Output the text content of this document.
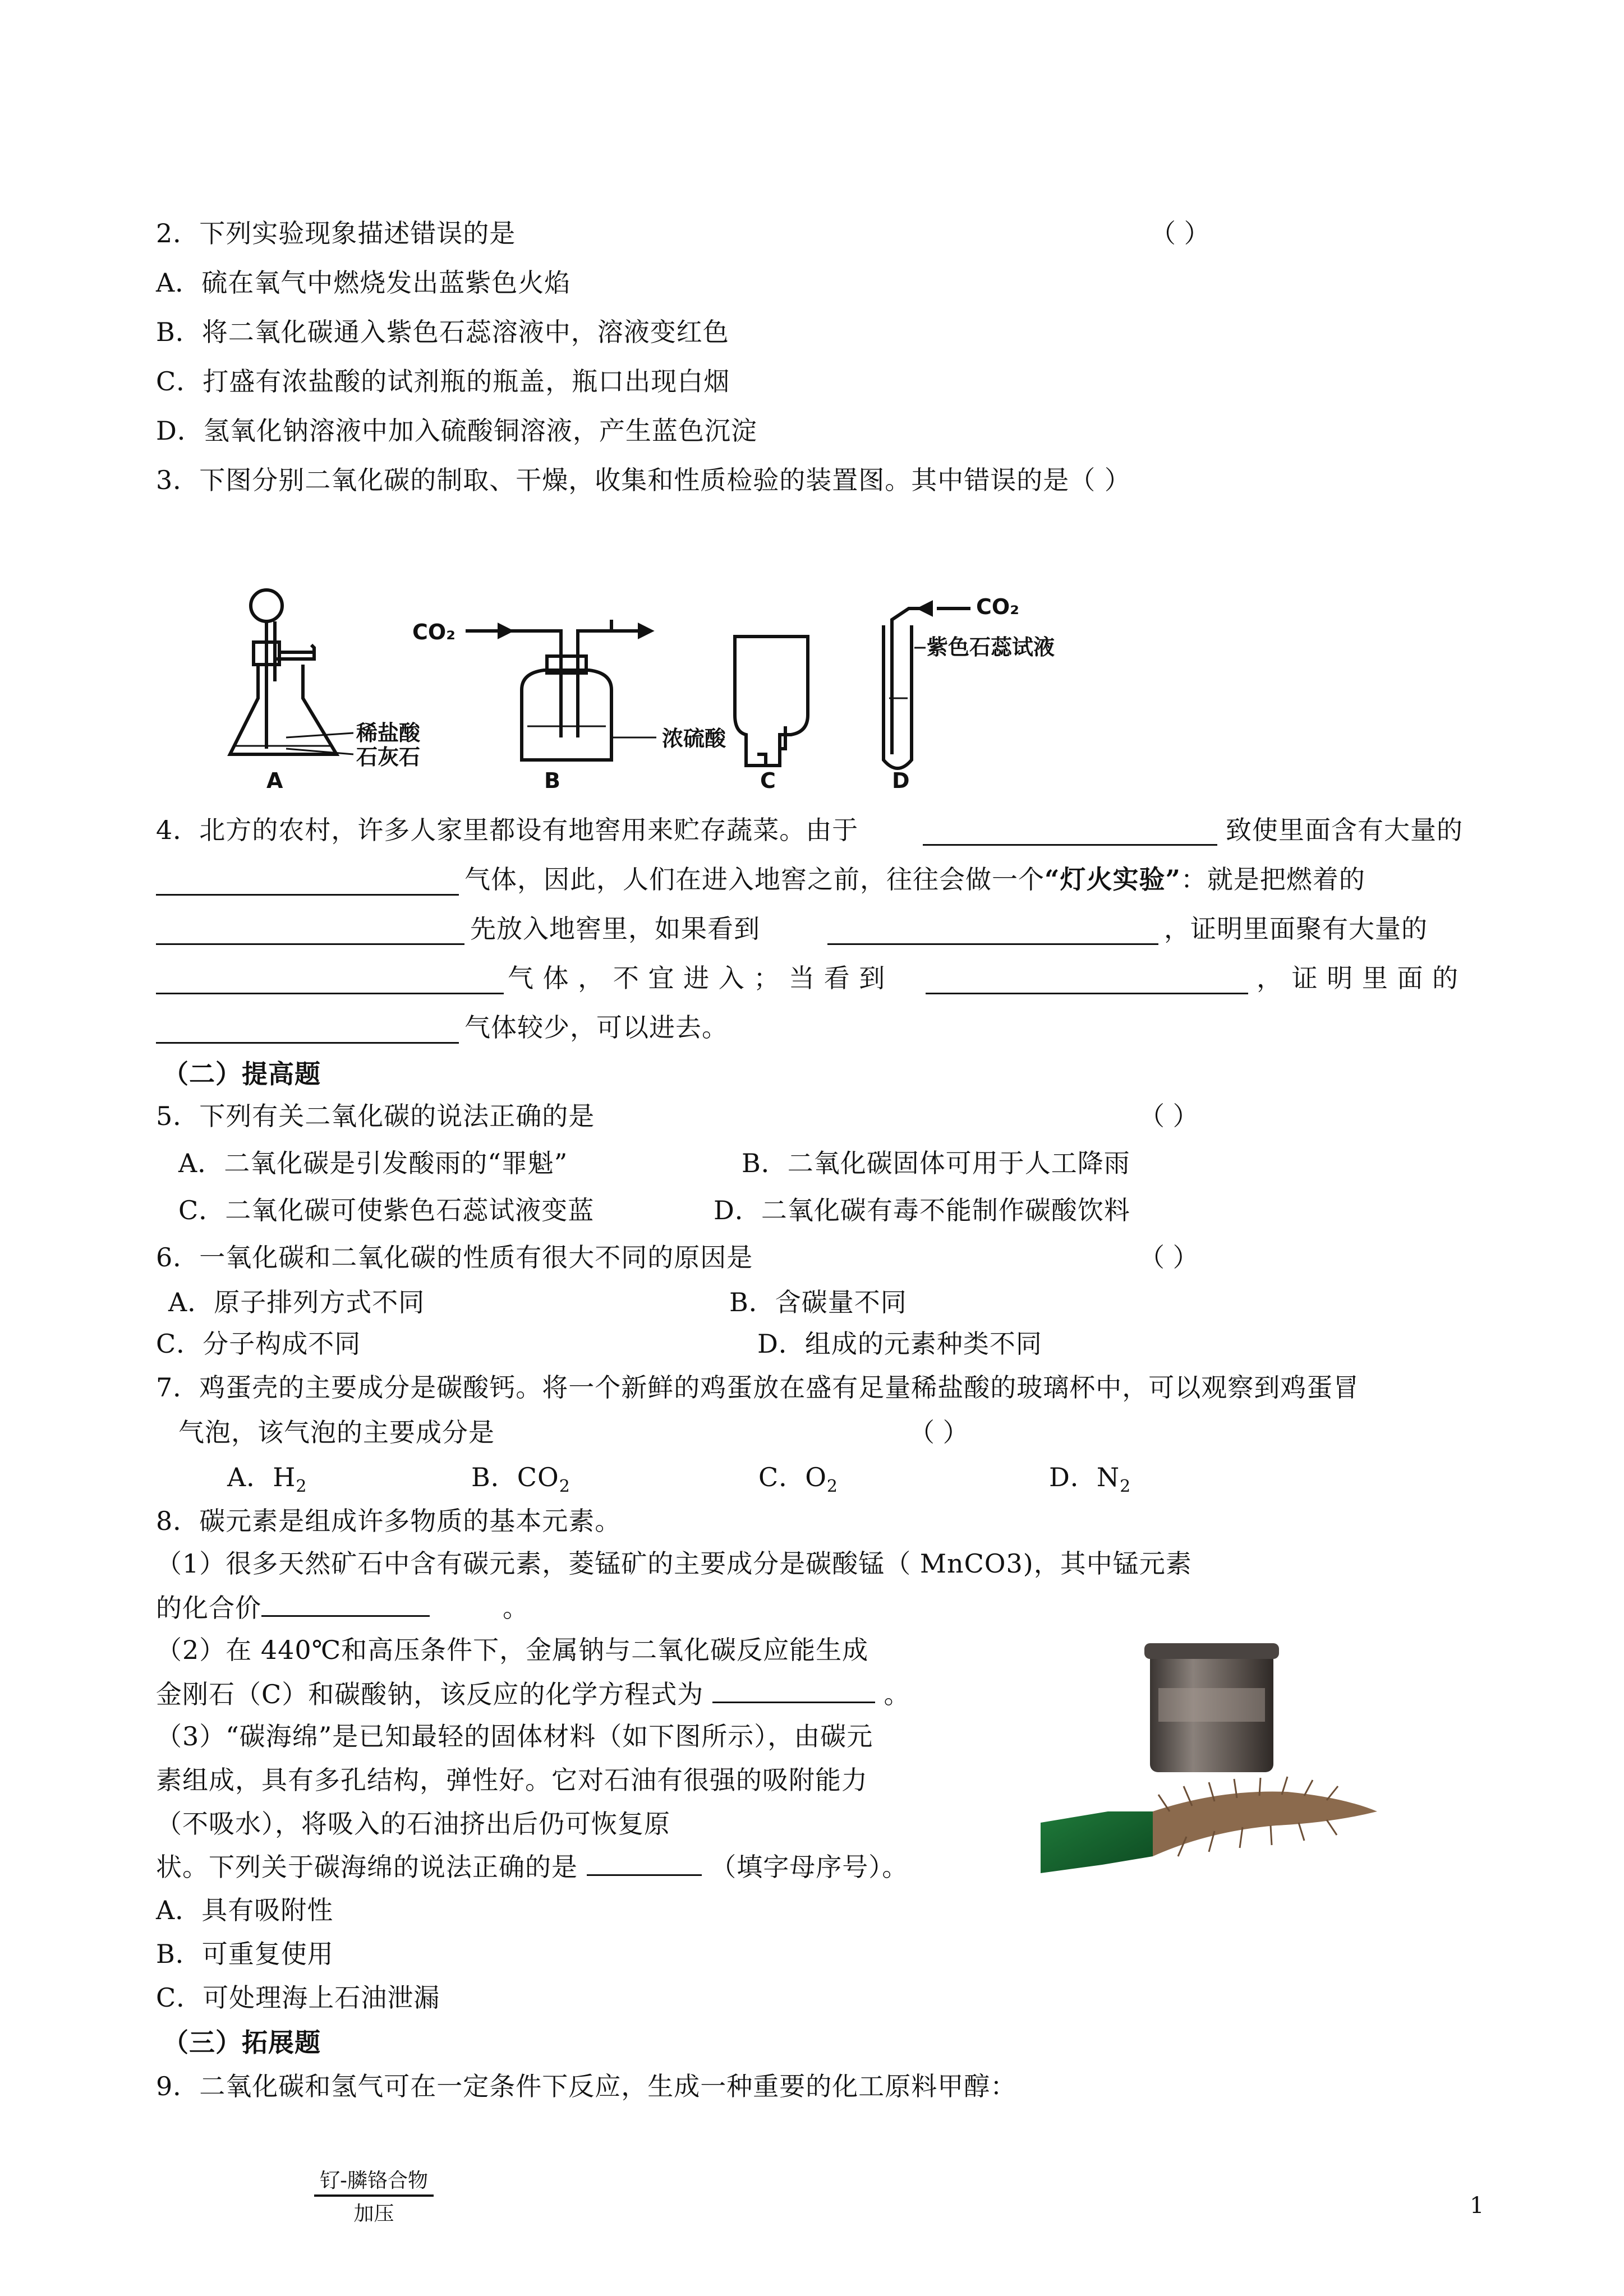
2．下列实验现象描述错误的是	（ ）
A．硫在氧气中燃烧发出蓝紫色火焰
B．将二氧化碳通入紫色石蕊溶液中，溶液变红色
C．打盛有浓盐酸的试剂瓶的瓶盖，瓶口出现白烟
D．氢氧化钠溶液中加入硫酸铜溶液，产生蓝色沉淀
3．下图分别二氧化碳的制取、干燥，收集和性质检验的装置图。其中错误的是（ ）
CO₂
CO₂
稀盐酸
石灰石
浓硫酸
紫色石蕊试液
A	B	C	D
4．北方的农村，许多人家里都设有地窖用来贮存蔬菜。由于	致使里面含有大量的
气体，因此，人们在进入地窖之前，往往会做一个“灯火实验”：就是把燃着的
先放入地窖里，如果看到	，证明里面聚有大量的
气 体 ， 不 宜 进 入 ； 当 看 到	， 证 明 里 面 的
气体较少，可以进去。
（二）提高题
5．下列有关二氧化碳的说法正确的是	（ ）
A．二氧化碳是引发酸雨的“罪魁”	B．二氧化碳固体可用于人工降雨
C．二氧化碳可使紫色石蕊试液变蓝	D．二氧化碳有毒不能制作碳酸饮料
6．一氧化碳和二氧化碳的性质有很大不同的原因是	（ ）
A．原子排列方式不同	B．含碳量不同
C．分子构成不同	D．组成的元素种类不同
7．鸡蛋壳的主要成分是碳酸钙。将一个新鲜的鸡蛋放在盛有足量稀盐酸的玻璃杯中，可以观察到鸡蛋冒
气泡，该气泡的主要成分是	（ ）
A．$H_2$	B．$CO_2$	C．$O_2$	D．$N_2$
8．碳元素是组成许多物质的基本元素。
（1）很多天然矿石中含有碳元素，菱锰矿的主要成分是碳酸锰（ MnCO3)，其中锰元素
的化合价	。
（2）在 440℃和高压条件下，金属钠与二氧化碳反应能生成
金刚石（C）和碳酸钠，该反应的化学方程式为	。
（3）“碳海绵”是已知最轻的固体材料（如下图所示），由碳元
素组成，具有多孔结构，弹性好。它对石油有很强的吸附能力
（不吸水），将吸入的石油挤出后仍可恢复原
状。下列关于碳海绵的说法正确的是	（填字母序号）。
A．具有吸附性
B．可重复使用
C．可处理海上石油泄漏
（三）拓展题
9．二氧化碳和氢气可在一定条件下反应，生成一种重要的化工原料甲醇：
钌-膦铬合物
加压	1
